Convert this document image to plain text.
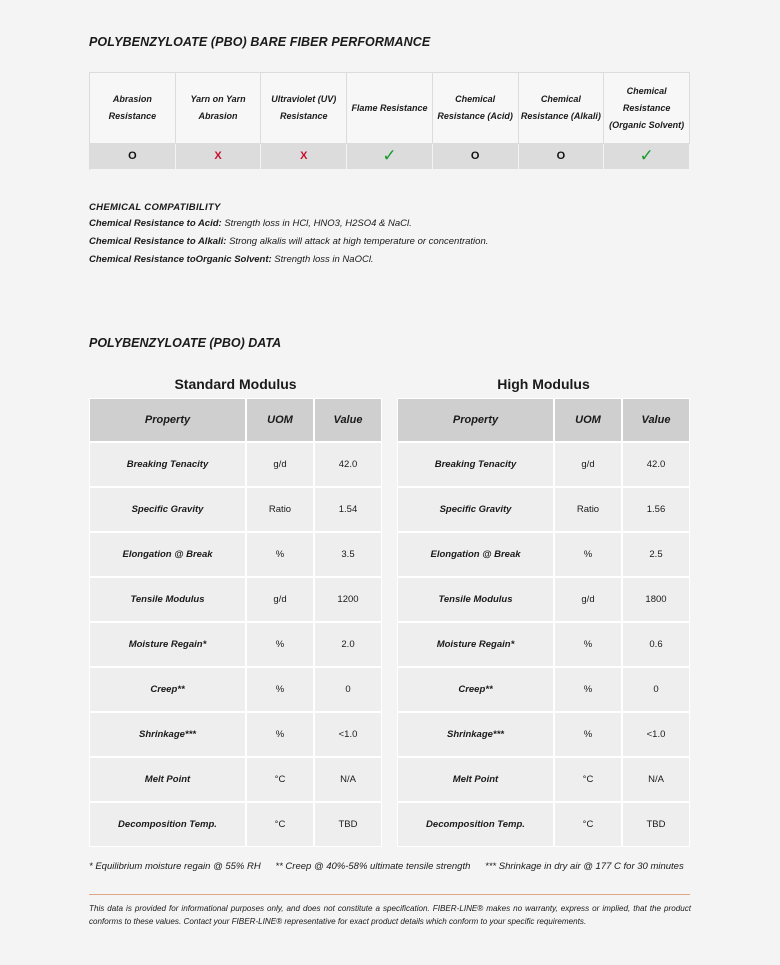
POLYBENZYLOATE (PBO) BARE FIBER PERFORMANCE
Abrasion Resistance	Yarn on Yarn Abrasion	Ultraviolet (UV) Resistance	Flame Resistance	Chemical Resistance (Acid)	Chemical Resistance (Alkali)	Chemical Resistance (Organic Solvent)
O	X	X	✓	O	O	✓
CHEMICAL COMPATIBILITY
Chemical Resistance to Acid: Strength loss in HCl, HNO3, H2SO4 & NaCl.
Chemical Resistance to Alkali: Strong alkalis will attack at high temperature or concentration.
Chemical Resistance toOrganic Solvent: Strength loss in NaOCl.
POLYBENZYLOATE (PBO) DATA
Standard Modulus	High Modulus
Property	UOM	Value
Breaking Tenacity	g/d	42.0
Specific Gravity	Ratio	1.54
Elongation @ Break	%	3.5
Tensile Modulus	g/d	1200
Moisture Regain*	%	2.0
Creep**	%	0
Shrinkage***	%	<1.0
Melt Point	°C	N/A
Decomposition Temp.	°C	TBD
Property	UOM	Value
Breaking Tenacity	g/d	42.0
Specific Gravity	Ratio	1.56
Elongation @ Break	%	2.5
Tensile Modulus	g/d	1800
Moisture Regain*	%	0.6
Creep**	%	0
Shrinkage***	%	<1.0
Melt Point	°C	N/A
Decomposition Temp.	°C	TBD
* Equilibrium moisture regain @ 55% RH ** Creep @ 40%-58% ultimate tensile strength *** Shrinkage in dry air @ 177 C for 30 minutes
This data is provided for informational purposes only, and does not constitute a specification. FIBER-LINE® makes no warranty, express or implied, that the product conforms to these values. Contact your FIBER-LINE® representative for exact product details which conform to your specific requirements.
